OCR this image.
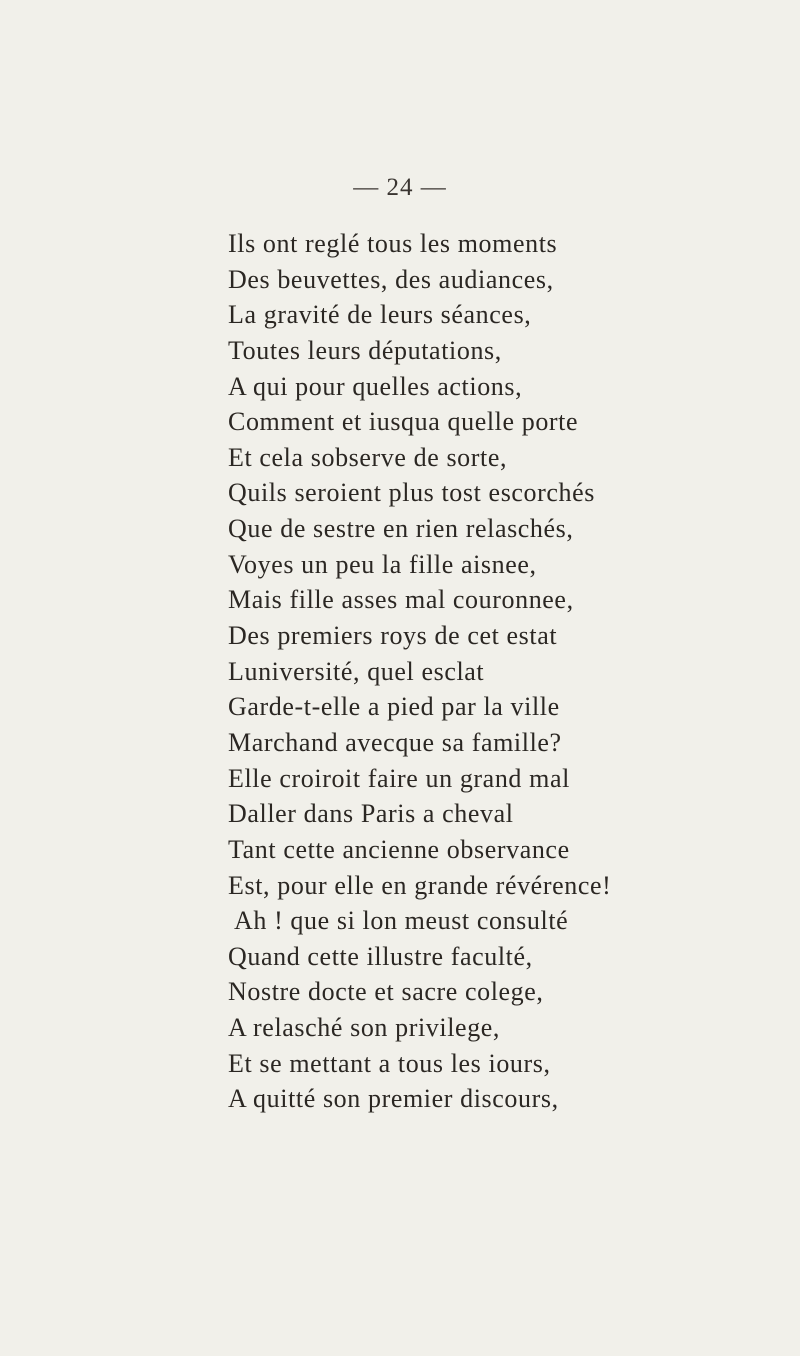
— 24 —
Ils ont reglé tous les moments
Des beuvettes, des audiances,
La gravité de leurs séances,
Toutes leurs députations,
A qui pour quelles actions,
Comment et iusqua quelle porte
Et cela sobserve de sorte,
Quils seroient plus tost escorchés
Que de sestre en rien relaschés,
Voyes un peu la fille aisnee,
Mais fille asses mal couronnee,
Des premiers roys de cet estat
Luniversité, quel esclat
Garde-t-elle a pied par la ville
Marchand avecque sa famille?
Elle croiroit faire un grand mal
Daller dans Paris a cheval
Tant cette ancienne observance
Est, pour elle en grande révérence!
Ah ! que si lon meust consulté
Quand cette illustre faculté,
Nostre docte et sacre colege,
A relasché son privilege,
Et se mettant a tous les iours,
A quitté son premier discours,
